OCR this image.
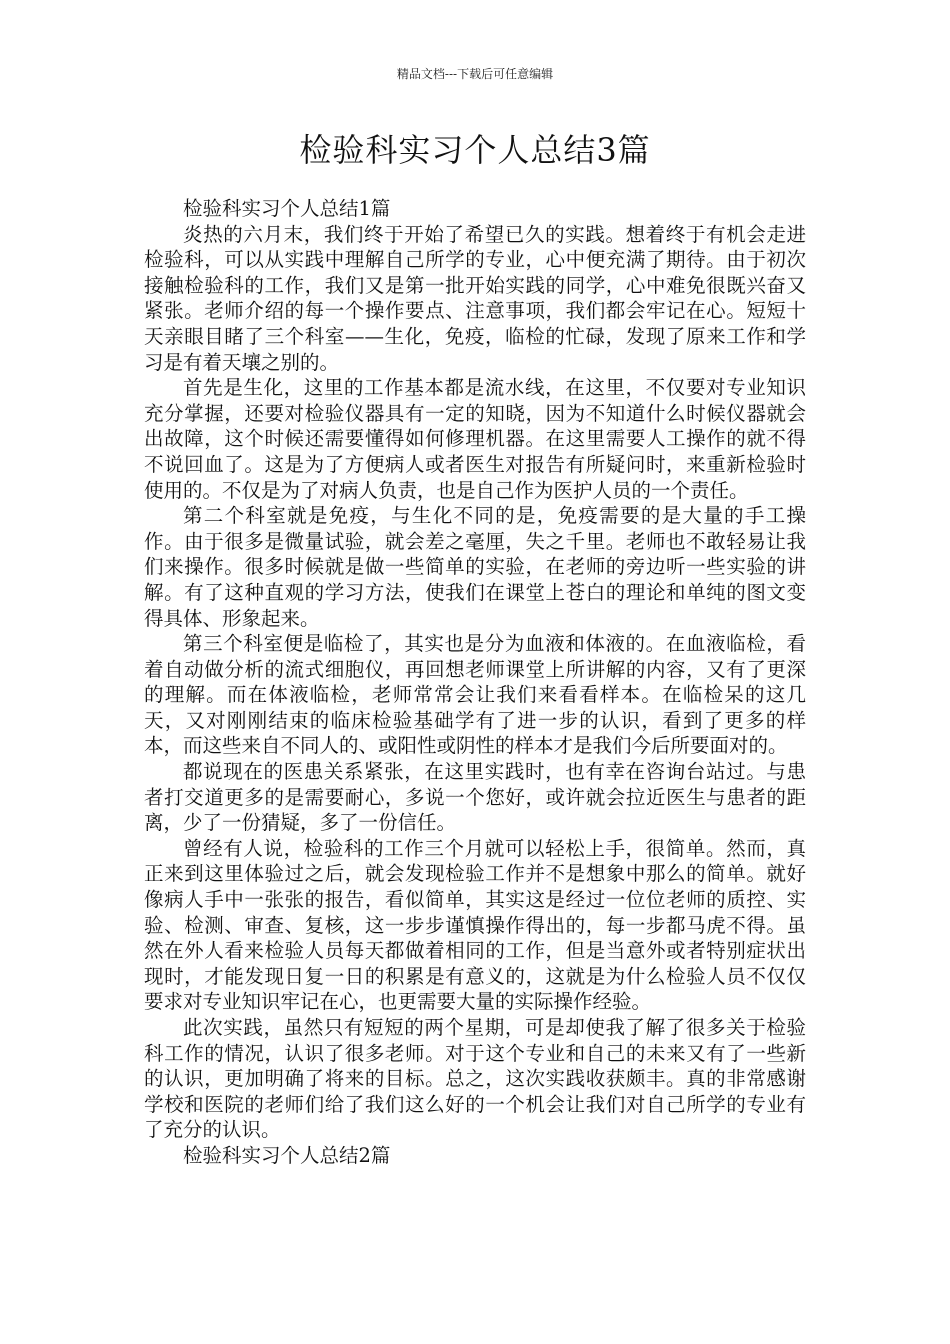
精品文档---下载后可任意编辑
检验科实习个人总结3篇

检验科实习个人总结1篇

炎热的六月末，我们终于开始了希望已久的实践。想着终于有机会走进检验科，可以从实践中理解自己所学的专业，心中便充满了期待。由于初次接触检验科的工作，我们又是第一批开始实践的同学，心中难免很既兴奋又紧张。老师介绍的每一个操作要点、注意事项，我们都会牢记在心。短短十天亲眼目睹了三个科室——生化，免疫，临检的忙碌，发现了原来工作和学习是有着天壤之别的。

首先是生化，这里的工作基本都是流水线，在这里，不仅要对专业知识充分掌握，还要对检验仪器具有一定的知晓，因为不知道什么时候仪器就会出故障，这个时候还需要懂得如何修理机器。在这里需要人工操作的就不得不说回血了。这是为了方便病人或者医生对报告有所疑问时，来重新检验时使用的。不仅是为了对病人负责，也是自己作为医护人员的一个责任。

第二个科室就是免疫，与生化不同的是，免疫需要的是大量的手工操作。由于很多是微量试验，就会差之毫厘，失之千里。老师也不敢轻易让我们来操作。很多时候就是做一些简单的实验，在老师的旁边听一些实验的讲解。有了这种直观的学习方法，使我们在课堂上苍白的理论和单纯的图文变得具体、形象起来。

第三个科室便是临检了，其实也是分为血液和体液的。在血液临检，看着自动做分析的流式细胞仪，再回想老师课堂上所讲解的内容，又有了更深的理解。而在体液临检，老师常常会让我们来看看样本。在临检呆的这几天，又对刚刚结束的临床检验基础学有了进一步的认识，看到了更多的样本，而这些来自不同人的、或阳性或阴性的样本才是我们今后所要面对的。

都说现在的医患关系紧张，在这里实践时，也有幸在咨询台站过。与患者打交道更多的是需要耐心，多说一个您好，或许就会拉近医生与患者的距离，少了一份猜疑，多了一份信任。

曾经有人说，检验科的工作三个月就可以轻松上手，很简单。然而，真正来到这里体验过之后，就会发现检验工作并不是想象中那么的简单。就好像病人手中一张张的报告，看似简单，其实这是经过一位位老师的质控、实验、检测、审查、复核，这一步步谨慎操作得出的，每一步都马虎不得。虽然在外人看来检验人员每天都做着相同的工作，但是当意外或者特别症状出现时，才能发现日复一日的积累是有意义的，这就是为什么检验人员不仅仅要求对专业知识牢记在心，也更需要大量的实际操作经验。

此次实践，虽然只有短短的两个星期，可是却使我了解了很多关于检验科工作的情况，认识了很多老师。对于这个专业和自己的未来又有了一些新的认识，更加明确了将来的目标。总之，这次实践收获颇丰。真的非常感谢学校和医院的老师们给了我们这么好的一个机会让我们对自己所学的专业有了充分的认识。

检验科实习个人总结2篇
